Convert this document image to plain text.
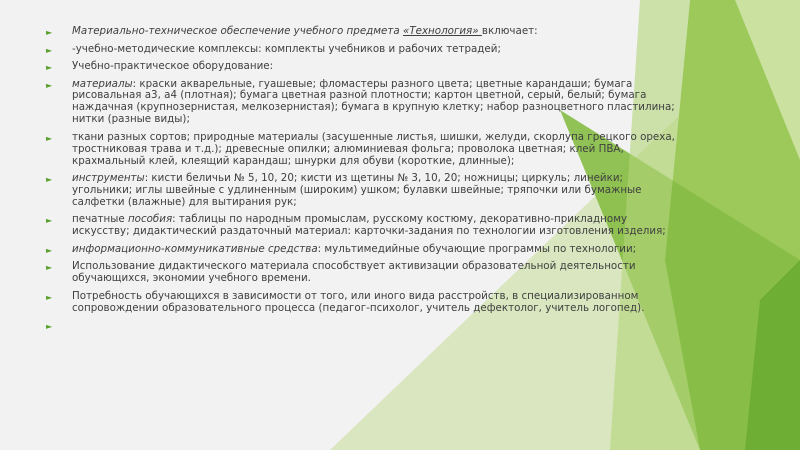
► Материально-техническое обеспечение учебного предмета «Технология» включает:
► -учебно-методические комплексы: комплекты учебников и рабочих тетрадей;
► Учебно-практическое оборудование:
► материалы: краски акварельные, гуашевые; фломастеры разного цвета; цветные карандаши; бумага рисовальная а3, а4 (плотная); бумага цветная разной плотности; картон цветной, серый, белый; бумага наждачная (крупнозернистая, мелкозернистая); бумага в крупную клетку; набор разноцветного пластилина; нитки (разные виды);
► ткани разных сортов; природные материалы (засушенные листья, шишки, желуди, скорлупа грецкого ореха, тростниковая трава и т.д.); древесные опилки; алюминиевая фольга; проволока цветная; клей ПВА, крахмальный клей, клеящий карандаш; шнурки для обуви (короткие, длинные);
► инструменты: кисти беличьи № 5, 10, 20; кисти из щетины № 3, 10, 20; ножницы; циркуль; линейки; угольники; иглы швейные с удлиненным (широким) ушком; булавки швейные; тряпочки или бумажные салфетки (влажные) для вытирания рук;
► печатные пособия: таблицы по народным промыслам, русскому костюму, декоративно-прикладному искусству; дидактический раздаточный материал: карточки-задания по технологии изготовления изделия;
► информационно-коммуникативные средства: мультимедийные обучающие программы по технологии;
► Использование дидактического материала способствует активизации образовательной деятельности обучающихся, экономии учебного времени.
► Потребность обучающихся в зависимости от того, или иного вида расстройств, в специализированном сопровождении образовательного процесса (педагог-психолог, учитель дефектолог, учитель логопед).
►
